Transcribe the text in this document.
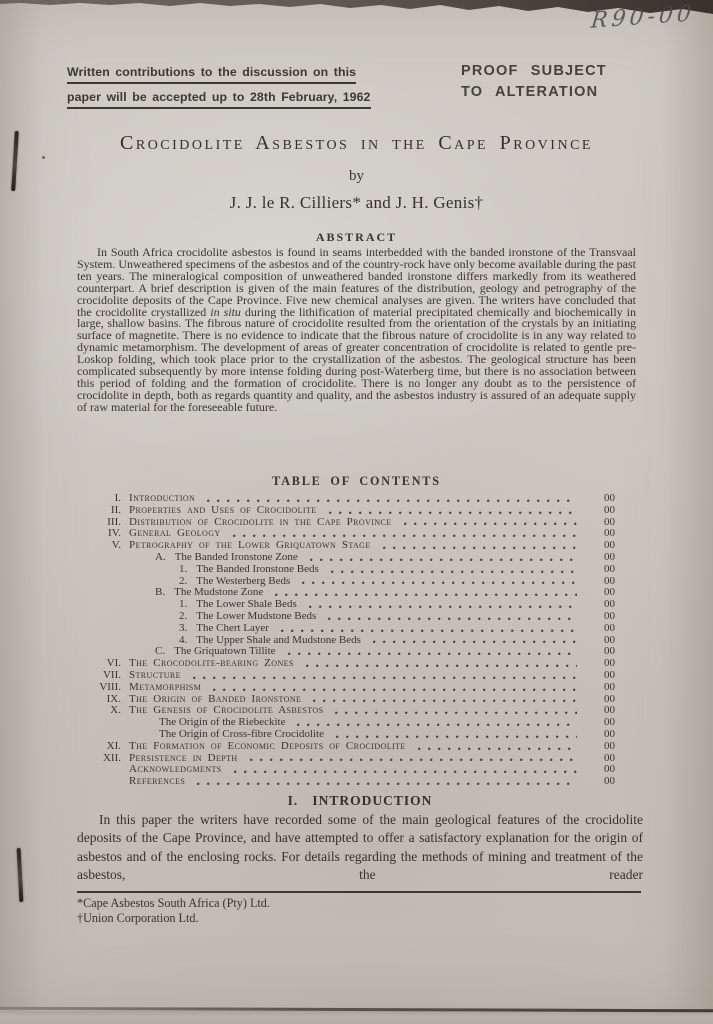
R90-00
Written contributions to the discussion on this
paper will be accepted up to 28th February, 1962
PROOF SUBJECT
TO ALTERATION
Crocidolite Asbestos in the Cape Province
by
J. J. le R. Cilliers* and J. H. Genis†
ABSTRACT

In South Africa crocidolite asbestos is found in seams interbedded with the banded ironstone of the Transvaal System. Unweathered specimens of the asbestos and of the country-rock have only become available during the past ten years. The mineralogical composition of unweathered banded ironstone differs markedly from its weathered counterpart. A brief description is given of the main features of the distribution, geology and petrography of the crocidolite deposits of the Cape Province. Five new chemical analyses are given. The writers have concluded that the crocidolite crystallized in situ during the lithification of material precipitated chemically and biochemically in large, shallow basins. The fibrous nature of crocidolite resulted from the orientation of the crystals by an initiating surface of magnetite. There is no evidence to indicate that the fibrous nature of crocidolite is in any way related to dynamic metamorphism. The development of areas of greater concentration of crocidolite is related to gentle pre-Loskop folding, which took place prior to the crystallization of the asbestos. The geological structure has been complicated subsequently by more intense folding during post-Waterberg time, but there is no association between this period of folding and the formation of crocidolite. There is no longer any doubt as to the persistence of crocidolite in depth, both as regards quantity and quality, and the asbestos industry is assured of an adequate supply of raw material for the foreseeable future.

TABLE OF CONTENTS
I. Introduction	00
II. Properties and Uses of Crocidolite	00
III. Distribution of Crocidolite in the Cape Province	00
IV. General Geology	00
V. Petrography of the Lower Griquatown Stage	00
A. The Banded Ironstone Zone	00
1. The Banded Ironstone Beds	00
2. The Westerberg Beds	00
B. The Mudstone Zone	00
1. The Lower Shale Beds	00
2. The Lower Mudstone Beds	00
3. The Chert Layer	00
4. The Upper Shale and Mudstone Beds	00
C. The Griquatown Tillite	00
VI. The Crocodolite-bearing Zones	00
VII. Structure	00
VIII. Metamorphism	00
IX. The Origin of Banded Ironstone	00
X. The Genesis of Crocidolite Asbestos	00
The Origin of the Riebeckite	00
The Origin of Cross-fibre Crocidolite	00
XI. The Formation of Economic Deposits of Crocidolite	00
XII. Persistence in Depth	00
Acknowledgments	00
References	00
I. INTRODUCTION

In this paper the writers have recorded some of the main geological features of the crocidolite deposits of the Cape Province, and have attempted to offer a satisfactory explanation for the origin of asbestos and of the enclosing rocks. For details regarding the methods of mining and treatment of the asbestos, the reader

*Cape Asbestos South Africa (Pty) Ltd.
†Union Corporation Ltd.
